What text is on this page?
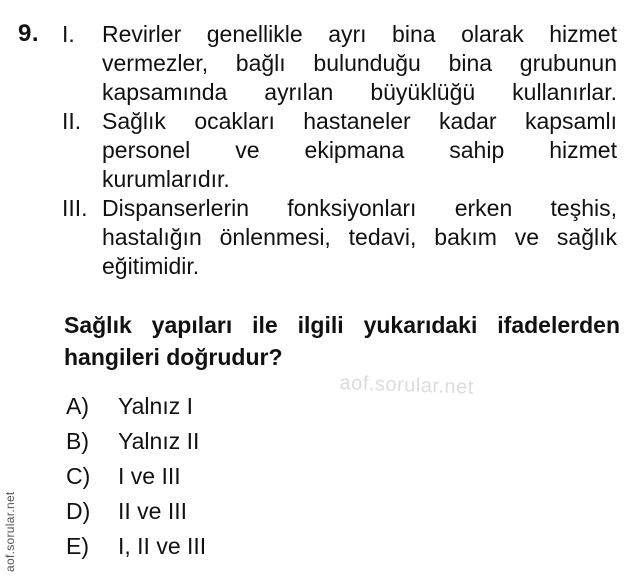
9. I. Revirler genellikle ayrı bina olarak hizmet
vermezler, bağlı bulunduğu bina grubunun
kapsamında ayrılan büyüklüğü kullanırlar.
II. Sağlık ocakları hastaneler kadar kapsamlı
personel ve ekipmana sahip hizmet
kurumlarıdır.
III. Dispanserlerin fonksiyonları erken teşhis,
hastalığın önlenmesi, tedavi, bakım ve sağlık
eğitimidir.
Sağlık yapıları ile ilgili yukarıdaki ifadelerden
hangileri doğrudur?
aof.sorular.net
A)	Yalnız I
B)	Yalnız II
C)	I ve III
D)	II ve III
E)	I, II ve III
aof.sorular.net
